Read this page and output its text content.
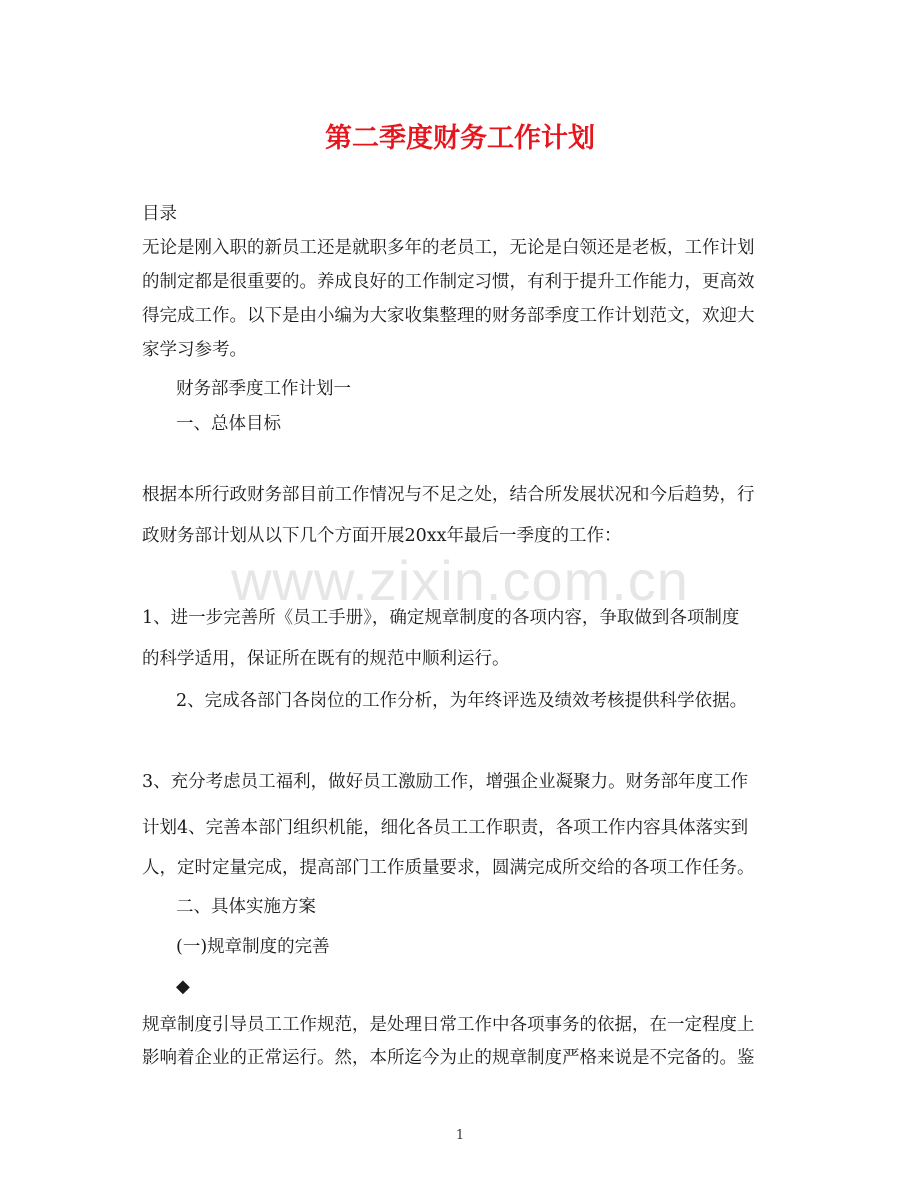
第二季度财务工作计划
www.zixin.com.cn
目录
无论是刚入职的新员工还是就职多年的老员工，无论是白领还是老板，工作计划
的制定都是很重要的。养成良好的工作制定习惯，有利于提升工作能力，更高效
得完成工作。以下是由小编为大家收集整理的财务部季度工作计划范文，欢迎大
家学习参考。
财务部季度工作计划一
一、总体目标
根据本所行政财务部目前工作情况与不足之处，结合所发展状况和今后趋势，行
政财务部计划从以下几个方面开展20xx年最后一季度的工作：
1、进一步完善所《员工手册》，确定规章制度的各项内容，争取做到各项制度
的科学适用，保证所在既有的规范中顺利运行。
2、完成各部门各岗位的工作分析，为年终评选及绩效考核提供科学依据。
3、充分考虑员工福利，做好员工激励工作，增强企业凝聚力。财务部年度工作
计划4、完善本部门组织机能，细化各员工工作职责，各项工作内容具体落实到
人，定时定量完成，提高部门工作质量要求，圆满完成所交给的各项工作任务。
二、具体实施方案
(一)规章制度的完善
◆
规章制度引导员工工作规范，是处理日常工作中各项事务的依据，在一定程度上
影响着企业的正常运行。然，本所迄今为止的规章制度严格来说是不完备的。鉴
1
